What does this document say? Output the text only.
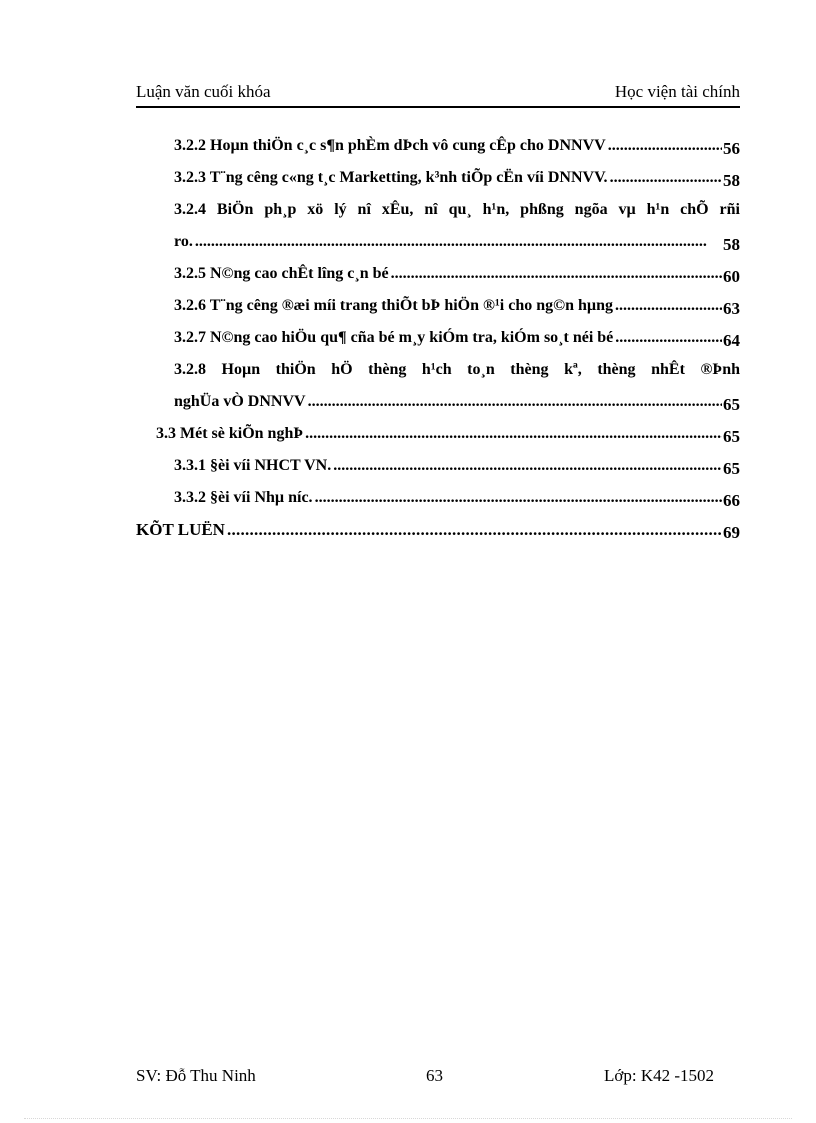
Luận văn cuối khóa	Học viện tài chính
3.2.2 Hoµn thiÖn c¸c s¶n phÈm dÞch vô cung cÊp cho DNNVV . . .	56
3.2.3 T¨ng cêng c«ng t¸c Marketting, k³nh tiÕp cËn víi DNNVV. . . .	58
3.2.4 BiÖn ph¸p xö lý nî xÊu, nî qu¸ h¹n, phßng ngõa vµ h¹n chÕ rñi
ro. . . .	58
3.2.5 N©ng cao chÊt lîng c¸n bé . . .	60
3.2.6 T¨ng cêng ®æi míi trang thiÕt bÞ hiÖn ®¹i cho ng©n hµng . . .	63
3.2.7 N©ng cao hiÖu qu¶ cña bé m¸y kiÓm tra, kiÓm so¸t néi bé . . .	64
3.2.8 Hoµn thiÖn hÖ thèng h¹ch to¸n thèng kª, thèng nhÊt ®Þnh
nghÜa vÒ DNNVV . . .	65
3.3 Mét sè kiÕn nghÞ . . .	65
3.3.1 §èi víi NHCT VN. . . .	65
3.3.2 §èi víi Nhµ níc. . . .	66
KÕT LUËN . . .	69
SV: Đỗ Thu Ninh	63	Lớp: K42 -1502
